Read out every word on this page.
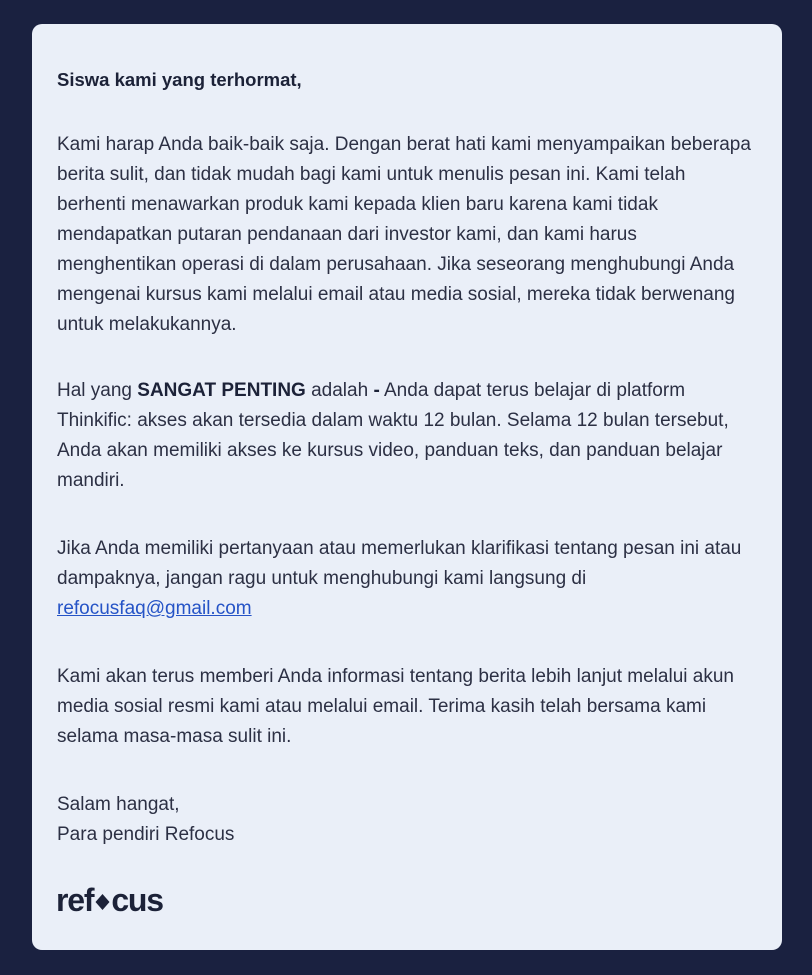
Siswa kami yang terhormat,

Kami harap Anda baik-baik saja. Dengan berat hati kami menyampaikan beberapa berita sulit, dan tidak mudah bagi kami untuk menulis pesan ini. Kami telah berhenti menawarkan produk kami kepada klien baru karena kami tidak mendapatkan putaran pendanaan dari investor kami, dan kami harus menghentikan operasi di dalam perusahaan. Jika seseorang menghubungi Anda mengenai kursus kami melalui email atau media sosial, mereka tidak berwenang untuk melakukannya.

Hal yang SANGAT PENTING adalah - Anda dapat terus belajar di platform Thinkific: akses akan tersedia dalam waktu 12 bulan. Selama 12 bulan tersebut, Anda akan memiliki akses ke kursus video, panduan teks, dan panduan belajar mandiri.

Jika Anda memiliki pertanyaan atau memerlukan klarifikasi tentang pesan ini atau dampaknya, jangan ragu untuk menghubungi kami langsung di refocusfaq@gmail.com

Kami akan terus memberi Anda informasi tentang berita lebih lanjut melalui akun media sosial resmi kami atau melalui email. Terima kasih telah bersama kami selama masa-masa sulit ini.

Salam hangat,
Para pendiri Refocus

ref cus
